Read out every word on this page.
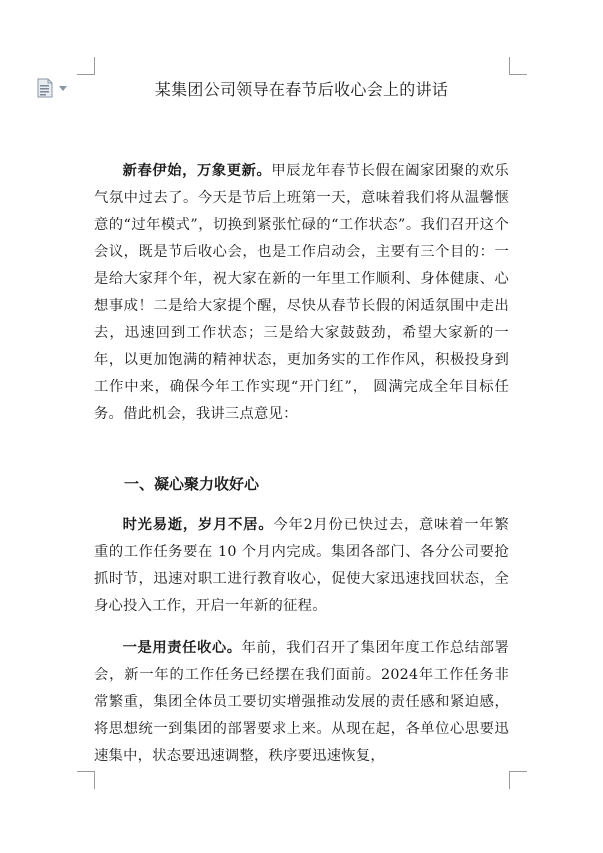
某集团公司领导在春节后收心会上的讲话

新春伊始，万象更新。甲辰龙年春节长假在阖家团聚的欢乐气氛中过去了。今天是节后上班第一天，意味着我们将从温馨惬意的“过年模式”，切换到紧张忙碌的“工作状态”。我们召开这个会议，既是节后收心会，也是工作启动会，主要有三个目的：一是给大家拜个年，祝大家在新的一年里工作顺利、身体健康、心想事成！二是给大家提个醒，尽快从春节长假的闲适氛围中走出去，迅速回到工作状态；三是给大家鼓鼓劲，希望大家新的一年，以更加饱满的精神状态，更加务实的工作作风，积极投身到工作中来，确保今年工作实现“开门红”， 圆满完成全年目标任务。借此机会，我讲三点意见：

一、凝心聚力收好心

时光易逝，岁月不居。今年2月份已快过去，意味着一年繁重的工作任务要在 10 个月内完成。集团各部门、各分公司要抢抓时节，迅速对职工进行教育收心，促使大家迅速找回状态，全身心投入工作，开启一年新的征程。

一是用责任收心。年前，我们召开了集团年度工作总结部署会，新一年的工作任务已经摆在我们面前。2024年工作任务非常繁重，集团全体员工要切实增强推动发展的责任感和紧迫感，将思想统一到集团的部署要求上来。从现在起，各单位心思要迅速集中，状态要迅速调整，秩序要迅速恢复，
